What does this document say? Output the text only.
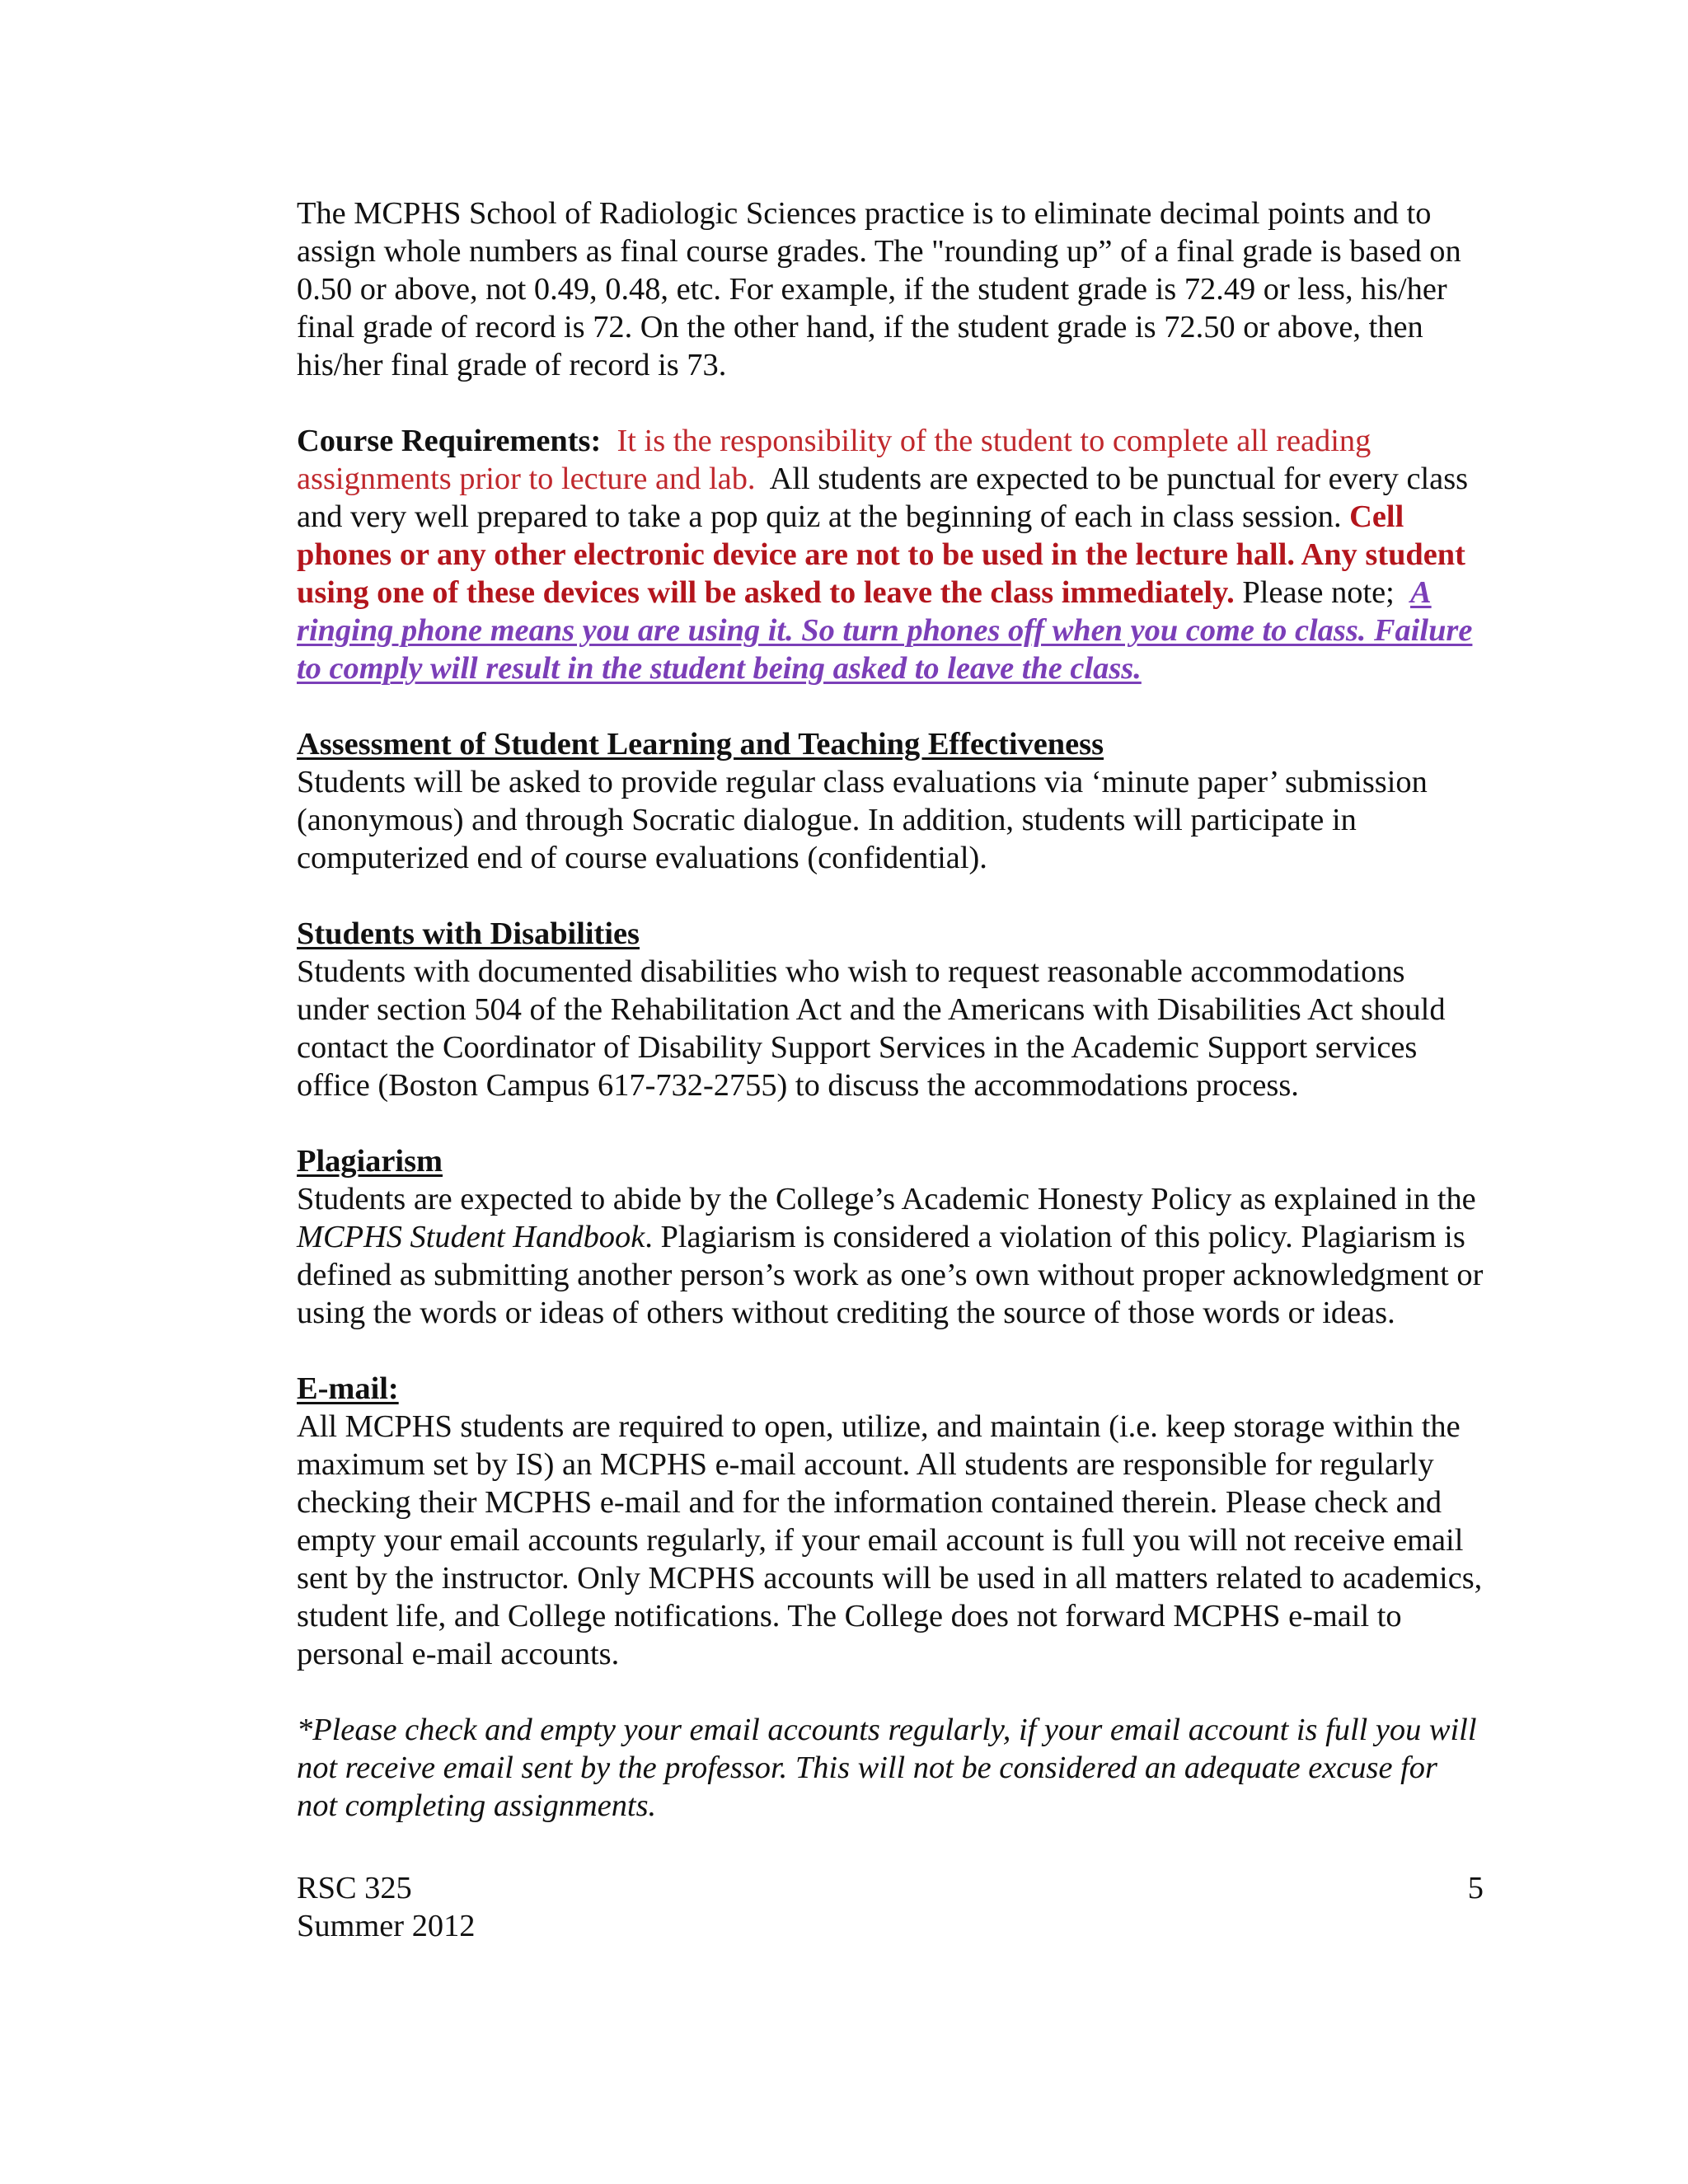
The MCPHS School of Radiologic Sciences practice is to eliminate decimal points and to assign whole numbers as final course grades. The "rounding up” of a final grade is based on 0.50 or above, not 0.49, 0.48, etc. For example, if the student grade is 72.49 or less, his/her final grade of record is 72. On the other hand, if the student grade is 72.50 or above, then his/her final grade of record is 73.

Course Requirements: It is the responsibility of the student to complete all reading assignments prior to lecture and lab. All students are expected to be punctual for every class and very well prepared to take a pop quiz at the beginning of each in class session. Cell phones or any other electronic device are not to be used in the lecture hall. Any student using one of these devices will be asked to leave the class immediately. Please note; A ringing phone means you are using it. So turn phones off when you come to class. Failure to comply will result in the student being asked to leave the class.

Assessment of Student Learning and Teaching Effectiveness
Students will be asked to provide regular class evaluations via ‘minute paper’ submission (anonymous) and through Socratic dialogue. In addition, students will participate in computerized end of course evaluations (confidential).
Students with Disabilities
Students with documented disabilities who wish to request reasonable accommodations under section 504 of the Rehabilitation Act and the Americans with Disabilities Act should contact the Coordinator of Disability Support Services in the Academic Support services office (Boston Campus 617-732-2755) to discuss the accommodations process.
Plagiarism
Students are expected to abide by the College’s Academic Honesty Policy as explained in the MCPHS Student Handbook. Plagiarism is considered a violation of this policy. Plagiarism is defined as submitting another person’s work as one’s own without proper acknowledgment or using the words or ideas of others without crediting the source of those words or ideas.
E-mail:
All MCPHS students are required to open, utilize, and maintain (i.e. keep storage within the maximum set by IS) an MCPHS e-mail account. All students are responsible for regularly checking their MCPHS e-mail and for the information contained therein. Please check and empty your email accounts regularly, if your email account is full you will not receive email sent by the instructor. Only MCPHS accounts will be used in all matters related to academics, student life, and College notifications. The College does not forward MCPHS e-mail to personal e-mail accounts.
*Please check and empty your email accounts regularly, if your email account is full you will not receive email sent by the professor. This will not be considered an adequate excuse for not completing assignments.
RSC 325	5
Summer 2012
